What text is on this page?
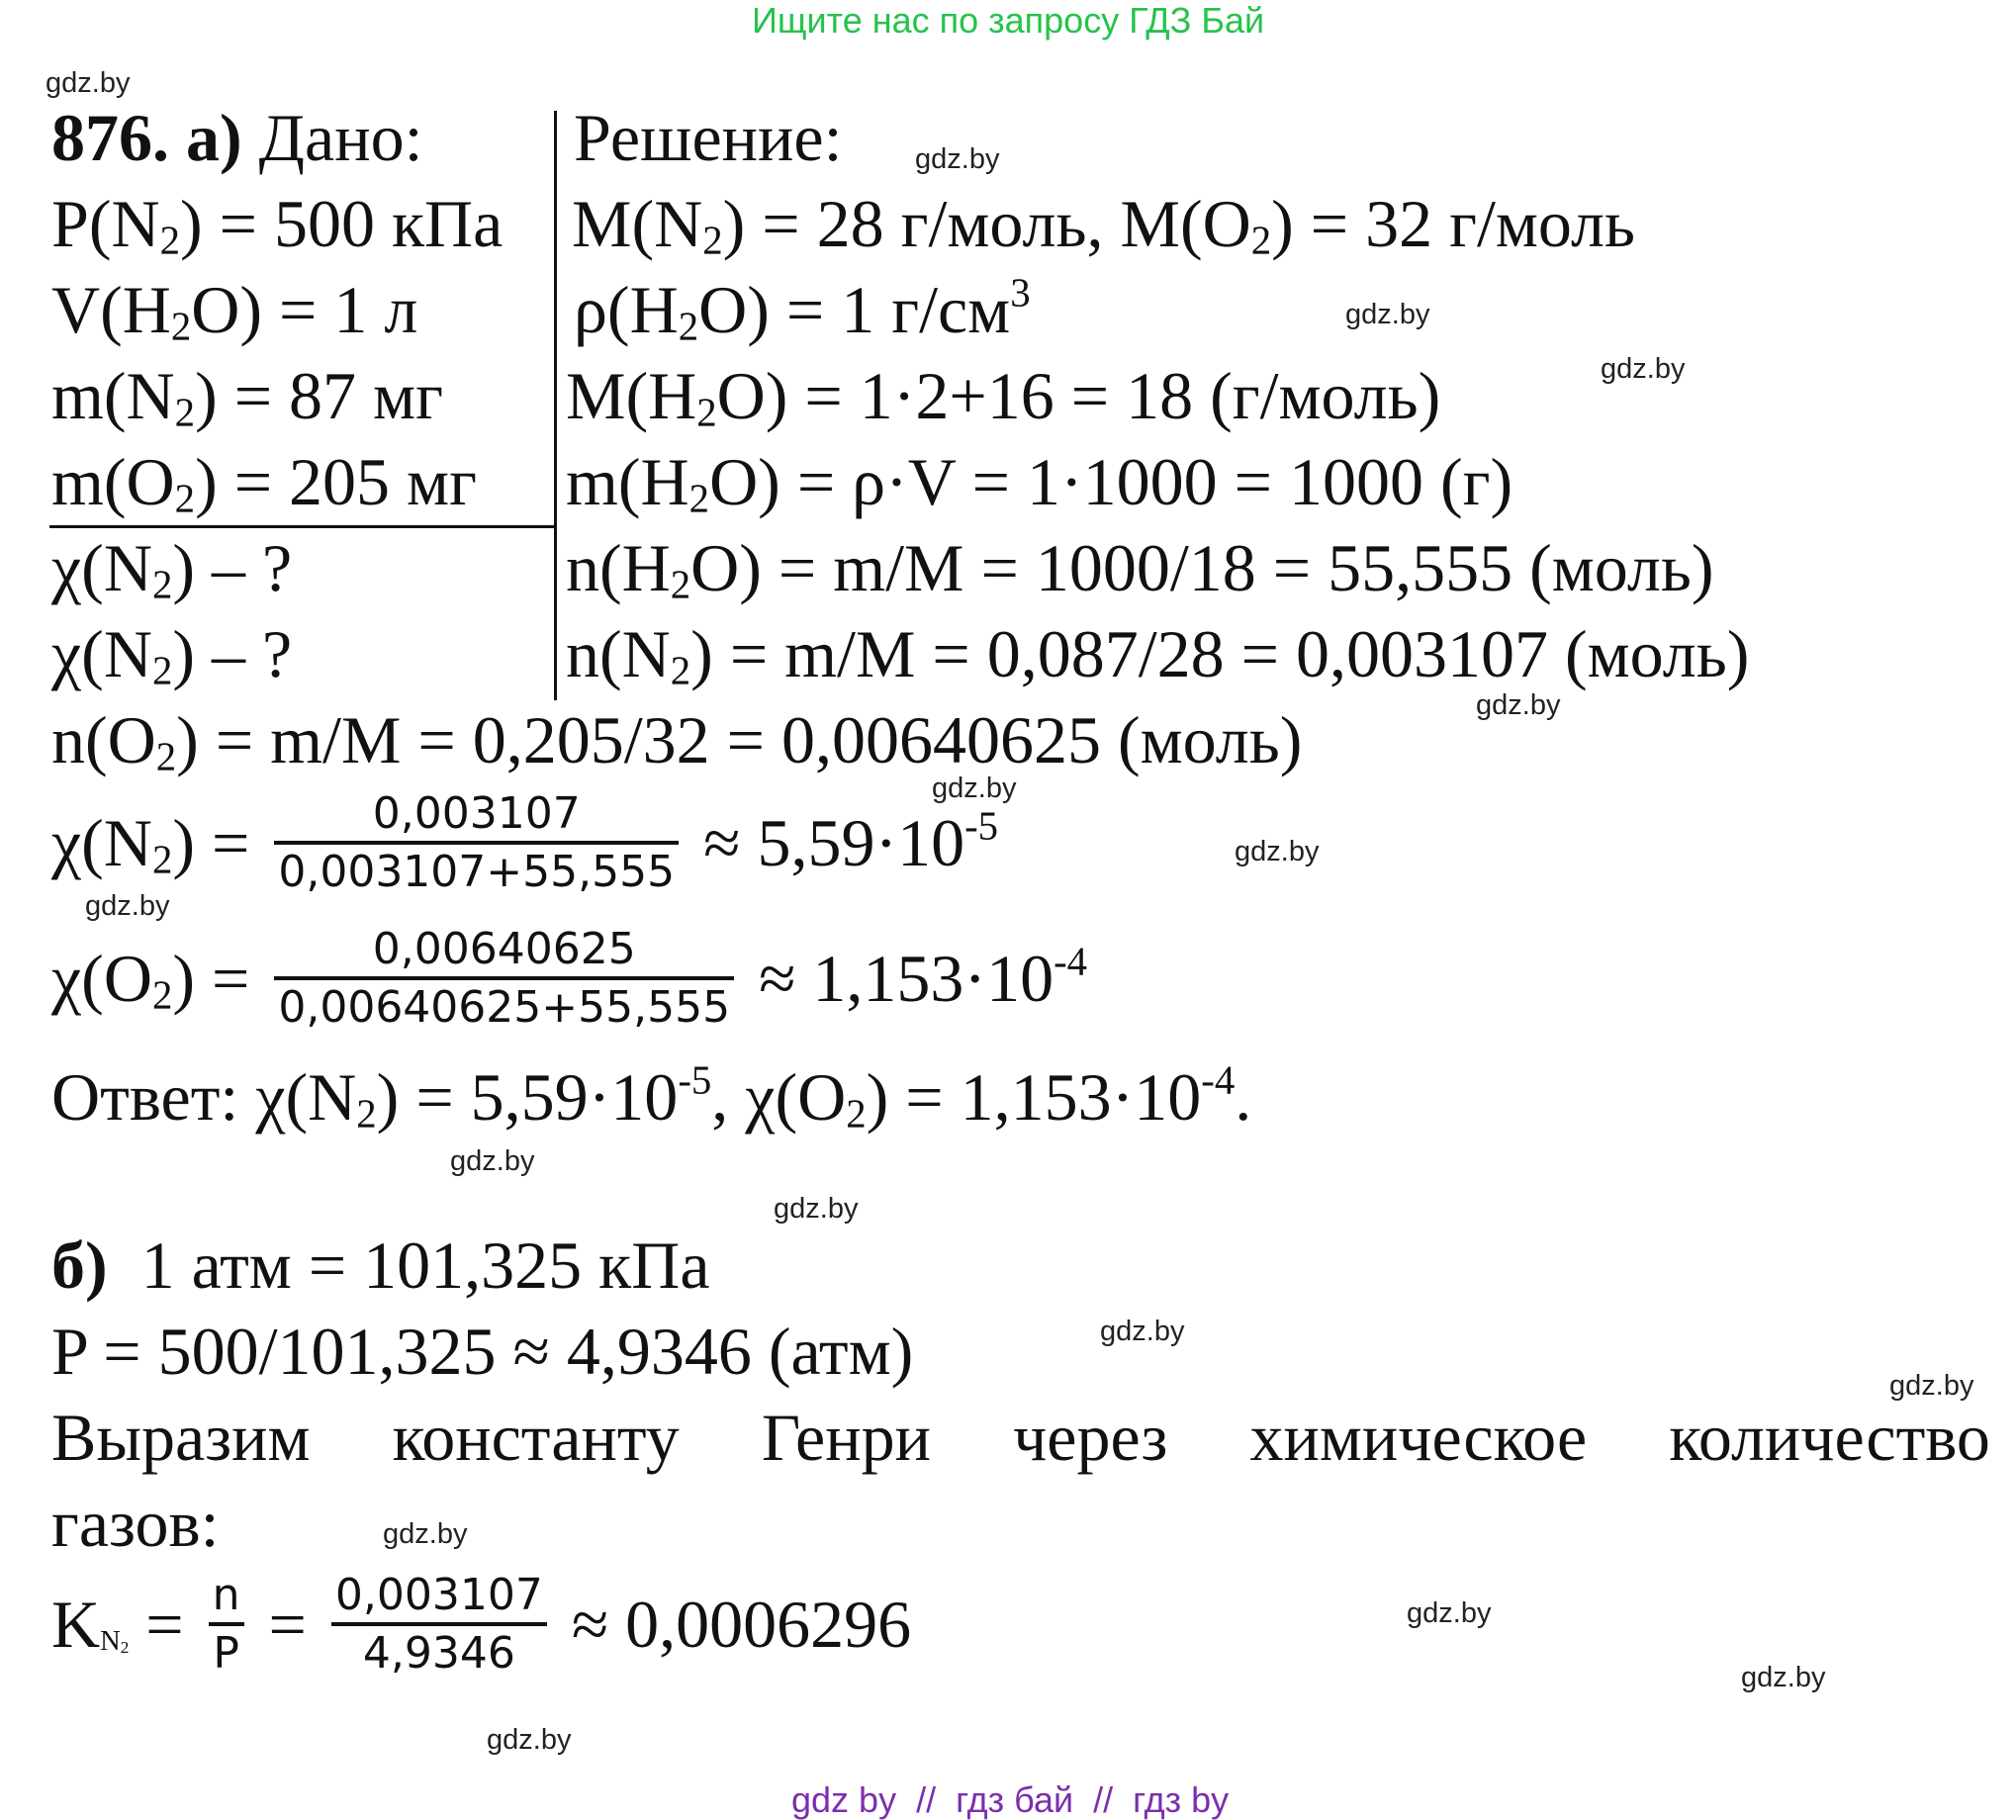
Ищите нас по запросу ГДЗ Бай
gdz.by
gdz.by
gdz.by
gdz.by
gdz.by
gdz.by
gdz.by
gdz.by
gdz.by
gdz.by
gdz.by
gdz.by
gdz.by
gdz.by
gdz.by
gdz.by
876. а) Дано: Решение:
$P(N_2) = 500$ кПа
$V(H_2O) = 1$ л
$m(N_2) = 87$ мг
$m(O_2) = 205$ мг
$\chi(N_2)$ – ?
$\chi(N_2)$ – ?
$M(N_2) = 28$ г/моль, $M(O_2) = 32$ г/моль
$\rho(H_2O) = 1$ $г/см^3$
$M(H_2O) = 1\cdot 2+16 = 18$ (г/моль)
$m(H_2O) = \rho\cdot V = 1\cdot 1000 = 1000$ (г)
$n(H_2O) = m/M = 1000/18 = 55,555$ (моль)
$n(N_2) = m/M = 0,087/28 = 0,003107$ (моль)
$n(O_2) = m/M = 0,205/32 = 0,00640625$ (моль)
$\chi(N_2) = \frac{0,003107}{0,003107+55,555} \approx 5,59\cdot 10^{-5}$
$\chi(O_2) = \frac{0,00640625}{0,00640625+55,555} \approx 1,153\cdot 10^{-4}$
Ответ: $\chi(N_2) = 5,59\cdot 10^{-5}$, $\chi(O_2) = 1,153\cdot 10^{-4}$.
б) 1 атм = 101,325 кПа
P = 500/101,325 ≈ 4,9346 (атм)
Выразим константу Генри через химическое количество
газов:
$KN_2 = \frac{n}{P} = \frac{0,003107}{4,9346} \approx 0,0006296$
gdz by // гдз бай // гдз by
